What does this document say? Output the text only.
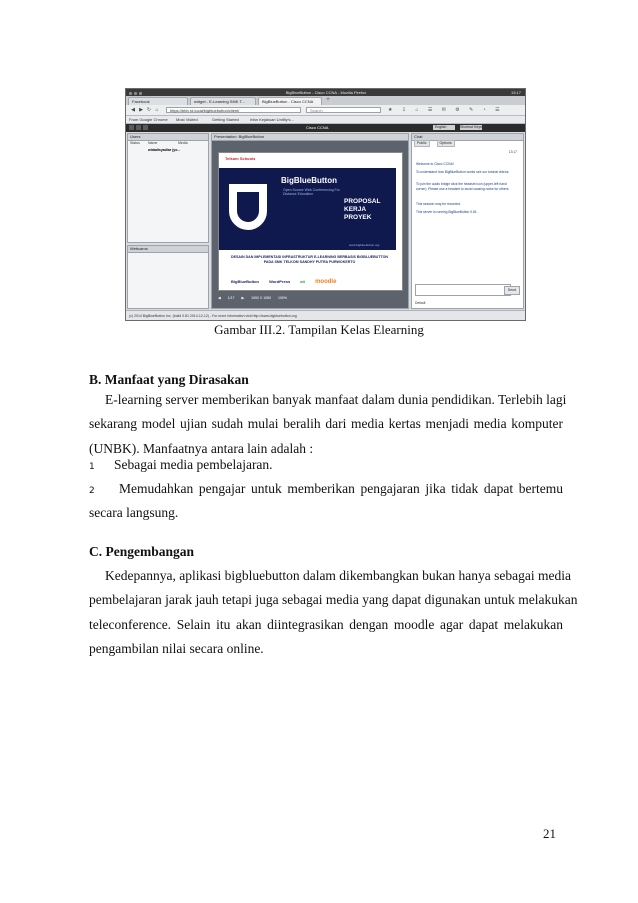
BigBlueButton - Cisco CCNA - Mozilla Firefox	13:17
Facebook	widget - E-Learning SMK T...	BigBlueButton - Cisco CCNA	+
◀ ▶ ↻ ⌂	https://bbb.rd.local/bigbluebutton/client/	Search	★ ⇩ ⌂ ☰ ✉ ⚙ ✎ ◔ ☰
From Google Chrome Most Visited	Getting Started	Irfan Kejaksari Unitfiy's...
Cisco CCNA	English	Shortcut Keys
Users
Status Name	Media
widadisyadiar (yo...
Webcams
Presentation: BigBlueButton
Telkom Schools
BigBlueButton
Open Source Web Conferencing For Distance Education
PROPOSAL
KERJA
PROYEK
www.bigbluebutton.org
DESAIN DAN IMPLEMENTASI INFRASTRUKTUR E-LEARNING BERBASIS BIGBLUEBUTTON PADA SMK TELKOM SANDHY PUTRA PURWOKERTO
BigBlueButton	WordPress	ati moodle
◀ 1/17 ▶ 1900 X 1080 100%
Chat
Public	Options
13:17
Welcome to Cisco CCNA!
To understand how BigBlueButton works see our tutorial videos.
To join the audio bridge click the headset icon (upper-left hand corner). Please use a headset to avoid causing noise for others.
This session may be recorded.
This server is running BigBlueButton 0.81.
Send
Default
(c) 2014 BigBlueButton Inc. (build 0.81 2014-12-12) - For more information visit http://www.bigbluebutton.org
Gambar III.2. Tampilan Kelas Elearning
B. Manfaat yang Dirasakan
E-learning server memberikan banyak manfaat dalam dunia pendidikan. Terlebih lagi
sekarang model ujian sudah mulai beralih dari media kertas menjadi media komputer
(UNBK). Manfaatnya antara lain adalah :
1 Sebagai media pembelajaran.
2 Memudahkan pengajar untuk memberikan pengajaran jika tidak dapat bertemu
secara langsung.
C. Pengembangan
Kedepannya, aplikasi bigbluebutton dalam dikembangkan bukan hanya sebagai media
pembelajaran jarak jauh tetapi juga sebagai media yang dapat digunakan untuk melakukan
teleconference. Selain itu akan diintegrasikan dengan moodle agar dapat melakukan
pengambilan nilai secara online.
21
